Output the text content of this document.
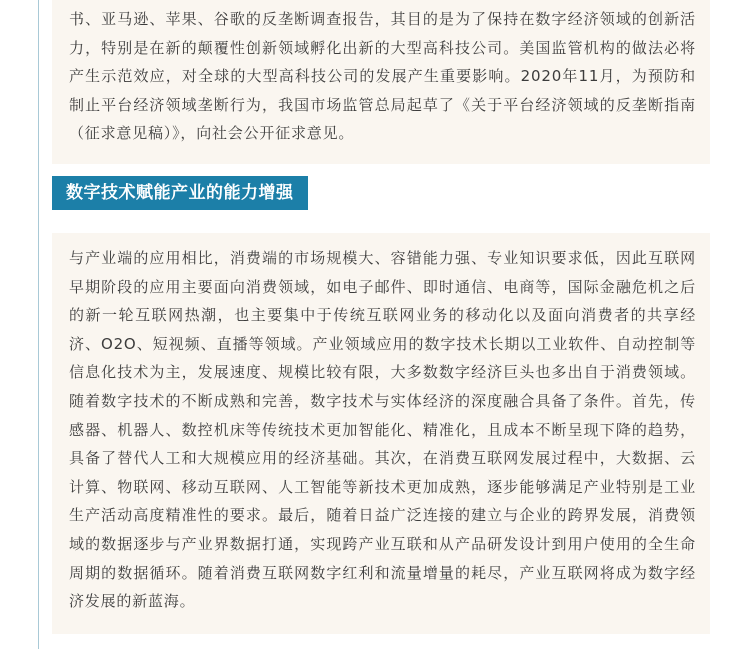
书、亚马逊、苹果、谷歌的反垄断调查报告，其目的是为了保持在数字经济领域的创新活力，特别是在新的颠覆性创新领域孵化出新的大型高科技公司。美国监管机构的做法必将产生示范效应，对全球的大型高科技公司的发展产生重要影响。2020年11月，为预防和制止平台经济领域垄断行为，我国市场监管总局起草了《关于平台经济领域的反垄断指南（征求意见稿）》，向社会公开征求意见。

数字技术赋能产业的能力增强

与产业端的应用相比，消费端的市场规模大、容错能力强、专业知识要求低，因此互联网早期阶段的应用主要面向消费领域，如电子邮件、即时通信、电商等，国际金融危机之后的新一轮互联网热潮，也主要集中于传统互联网业务的移动化以及面向消费者的共享经济、O2O、短视频、直播等领域。产业领域应用的数字技术长期以工业软件、自动控制等信息化技术为主，发展速度、规模比较有限，大多数数字经济巨头也多出自于消费领域。随着数字技术的不断成熟和完善，数字技术与实体经济的深度融合具备了条件。首先，传感器、机器人、数控机床等传统技术更加智能化、精准化，且成本不断呈现下降的趋势，具备了替代人工和大规模应用的经济基础。其次，在消费互联网发展过程中，大数据、云计算、物联网、移动互联网、人工智能等新技术更加成熟，逐步能够满足产业特别是工业生产活动高度精准性的要求。最后，随着日益广泛连接的建立与企业的跨界发展，消费领域的数据逐步与产业界数据打通，实现跨产业互联和从产品研发设计到用户使用的全生命周期的数据循环。随着消费互联网数字红利和流量增量的耗尽，产业互联网将成为数字经济发展的新蓝海。
